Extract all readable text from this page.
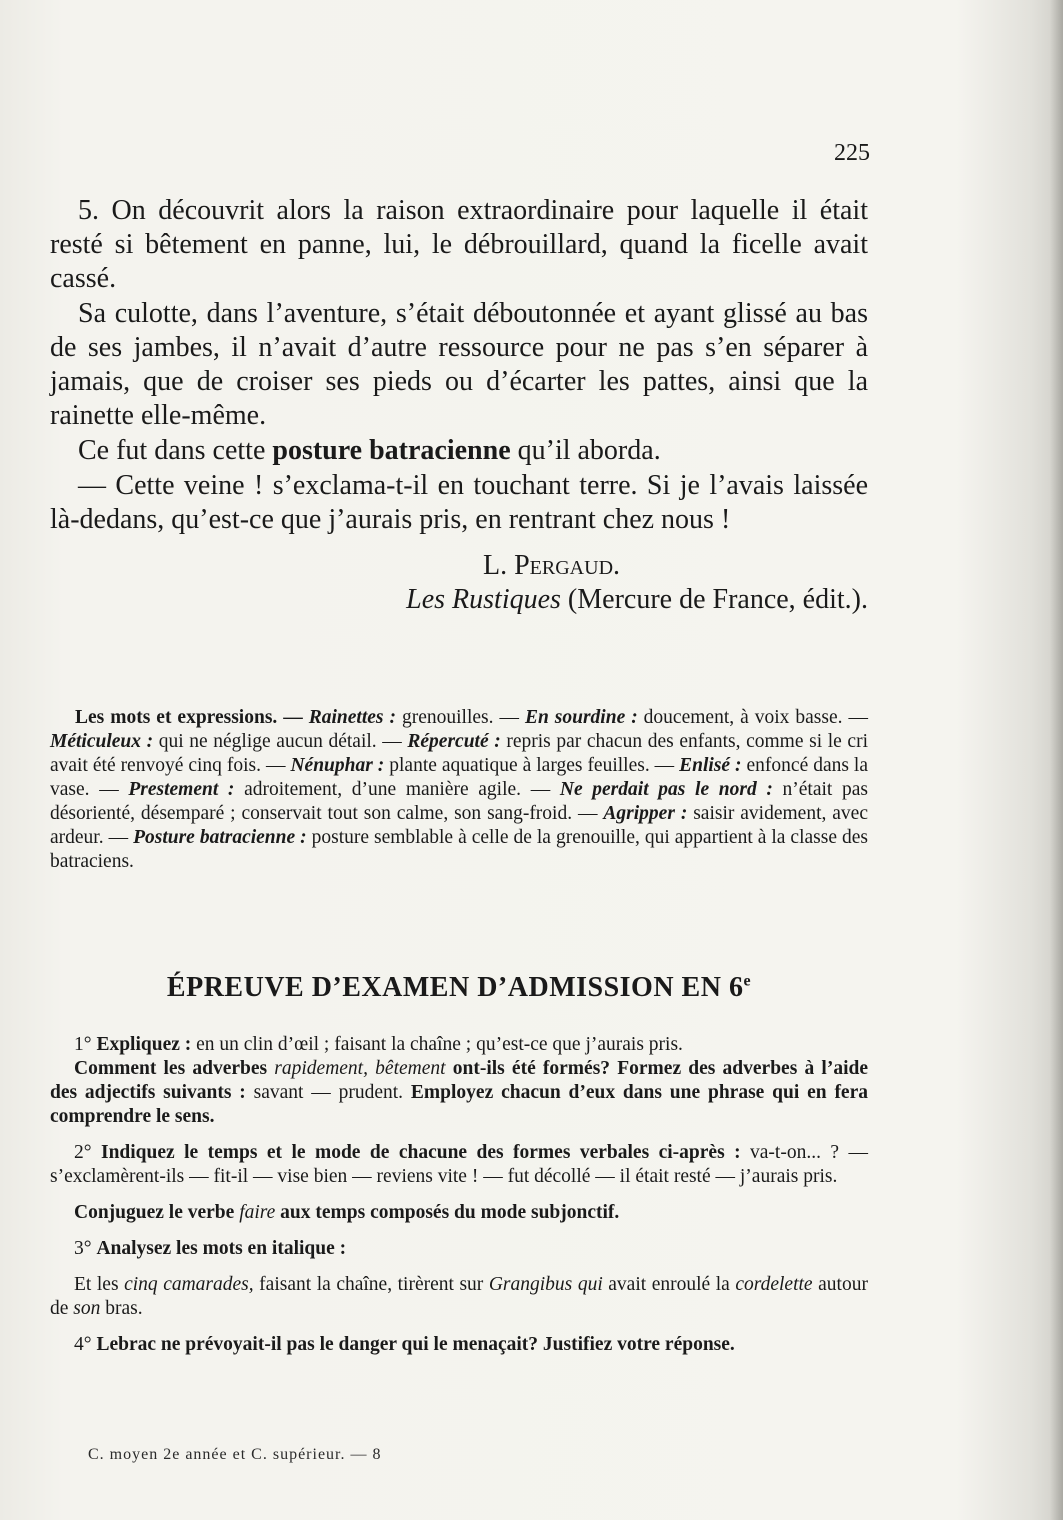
225

5. On découvrit alors la raison extraordinaire pour laquelle il était resté si bêtement en panne, lui, le débrouillard, quand la ficelle avait cassé.

Sa culotte, dans l’aventure, s’était déboutonnée et ayant glissé au bas de ses jambes, il n’avait d’autre ressource pour ne pas s’en séparer à jamais, que de croiser ses pieds ou d’écarter les pattes, ainsi que la rainette elle-même.

Ce fut dans cette posture batracienne qu’il aborda.

— Cette veine ! s’exclama-t-il en touchant terre. Si je l’avais laissée là-dedans, qu’est-ce que j’aurais pris, en rentrant chez nous !

L. Pergaud.
Les Rustiques (Mercure de France, édit.).

Les mots et expressions. — Rainettes : grenouilles. — En sourdine : doucement, à voix basse. — Méticuleux : qui ne néglige aucun détail. — Répercuté : repris par chacun des enfants, comme si le cri avait été renvoyé cinq fois. — Nénuphar : plante aquatique à larges feuilles. — Enlisé : enfoncé dans la vase. — Prestement : adroitement, d’une manière agile. — Ne perdait pas le nord : n’était pas désorienté, désemparé ; conservait tout son calme, son sang-froid. — Agripper : saisir avidement, avec ardeur. — Posture batracienne : posture semblable à celle de la grenouille, qui appartient à la classe des batraciens.

ÉPREUVE D’EXAMEN D’ADMISSION EN 6e

1° Expliquez : en un clin d’œil ; faisant la chaîne ; qu’est-ce que j’aurais pris.

Comment les adverbes rapidement, bêtement ont-ils été formés? Formez des adverbes à l’aide des adjectifs suivants : savant — prudent. Employez chacun d’eux dans une phrase qui en fera comprendre le sens.

2° Indiquez le temps et le mode de chacune des formes verbales ci-après : va-t-on... ? — s’exclamèrent-ils — fit-il — vise bien — reviens vite ! — fut décollé — il était resté — j’aurais pris.

Conjuguez le verbe faire aux temps composés du mode subjonctif.

3° Analysez les mots en italique :

Et les cinq camarades, faisant la chaîne, tirèrent sur Grangibus qui avait enroulé la cordelette autour de son bras.

4° Lebrac ne prévoyait-il pas le danger qui le menaçait? Justifiez votre réponse.

C. moyen 2e année et C. supérieur. — 8
